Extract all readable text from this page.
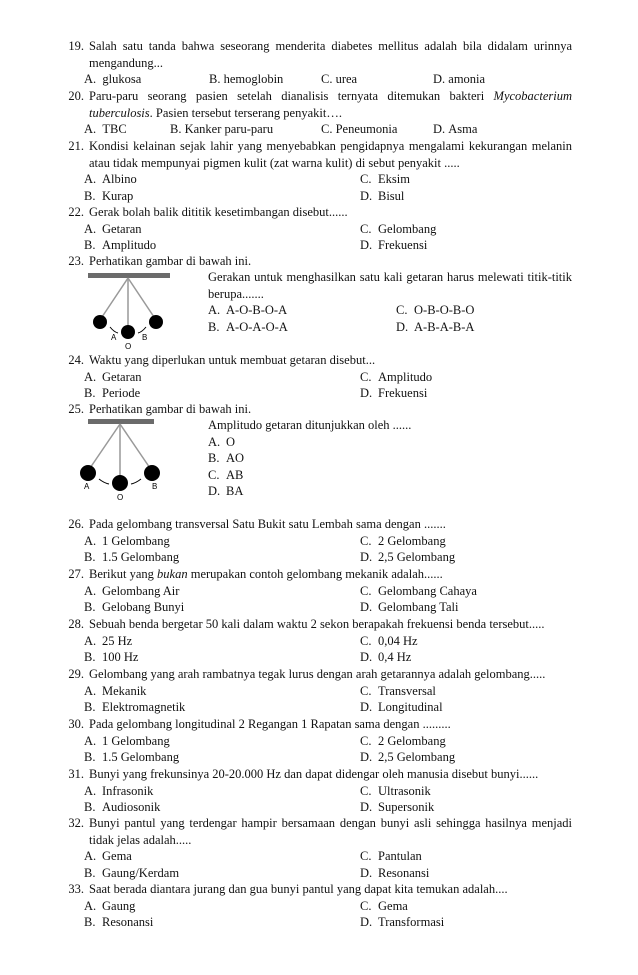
19. Salah satu tanda bahwa seseorang menderita diabetes mellitus adalah bila didalam urinnya mengandung...
A. glukosa	B. hemoglobin	C. urea	D. amonia
20. Paru-paru seorang pasien setelah dianalisis ternyata ditemukan bakteri Mycobacterium tuberculosis. Pasien tersebut terserang penyakit….
A. TBC	B. Kanker paru-paru	C. Peneumonia	D. Asma
21. Kondisi kelainan sejak lahir yang menyebabkan pengidapnya mengalami kekurangan melanin atau tidak mempunyai pigmen kulit (zat warna kulit) di sebut penyakit .....
A. Albino	C. Eksim
B. Kurap	D. Bisul
22. Gerak bolah balik dititik kesetimbangan disebut......
A. Getaran	C. Gelombang
B. Amplitudo	D. Frekuensi
23. Perhatikan gambar di bawah ini.
A
O
B
Gerakan untuk menghasilkan satu kali getaran harus melewati titik-titik berupa.......
A. A-O-B-O-A	C. O-B-O-B-O
B. A-O-A-O-A	D. A-B-A-B-A
24. Waktu yang diperlukan untuk membuat getaran disebut...
A. Getaran	C. Amplitudo
B. Periode	D. Frekuensi
25. Perhatikan gambar di bawah ini.
A
O
B
Amplitudo getaran ditunjukkan oleh ......
A. O
B. AO
C. AB
D. BA
26. Pada gelombang transversal Satu Bukit satu Lembah sama dengan .......
A. 1 Gelombang	C. 2 Gelombang
B. 1.5 Gelombang	D. 2,5 Gelombang
27. Berikut yang bukan merupakan contoh gelombang mekanik adalah......
A. Gelombang Air	C. Gelombang Cahaya
B. Gelobang Bunyi	D. Gelombang Tali
28. Sebuah benda bergetar 50 kali dalam waktu 2 sekon berapakah frekuensi benda tersebut.....
A. 25 Hz	C. 0,04 Hz
B. 100 Hz	D. 0,4 Hz
29. Gelombang yang arah rambatnya tegak lurus dengan arah getarannya adalah gelombang.....
A. Mekanik	C. Transversal
B. Elektromagnetik	D. Longitudinal
30. Pada gelombang longitudinal 2 Regangan 1 Rapatan sama dengan .........
A. 1 Gelombang	C. 2 Gelombang
B. 1.5 Gelombang	D. 2,5 Gelombang
31. Bunyi yang frekunsinya 20-20.000 Hz dan dapat didengar oleh manusia disebut bunyi......
A. Infrasonik	C. Ultrasonik
B. Audiosonik	D. Supersonik
32. Bunyi pantul yang terdengar hampir bersamaan dengan bunyi asli sehingga hasilnya menjadi tidak jelas adalah.....
A. Gema	C. Pantulan
B. Gaung/Kerdam	D. Resonansi
33. Saat berada diantara jurang dan gua bunyi pantul yang dapat kita temukan adalah....
A. Gaung	C. Gema
B. Resonansi	D. Transformasi
